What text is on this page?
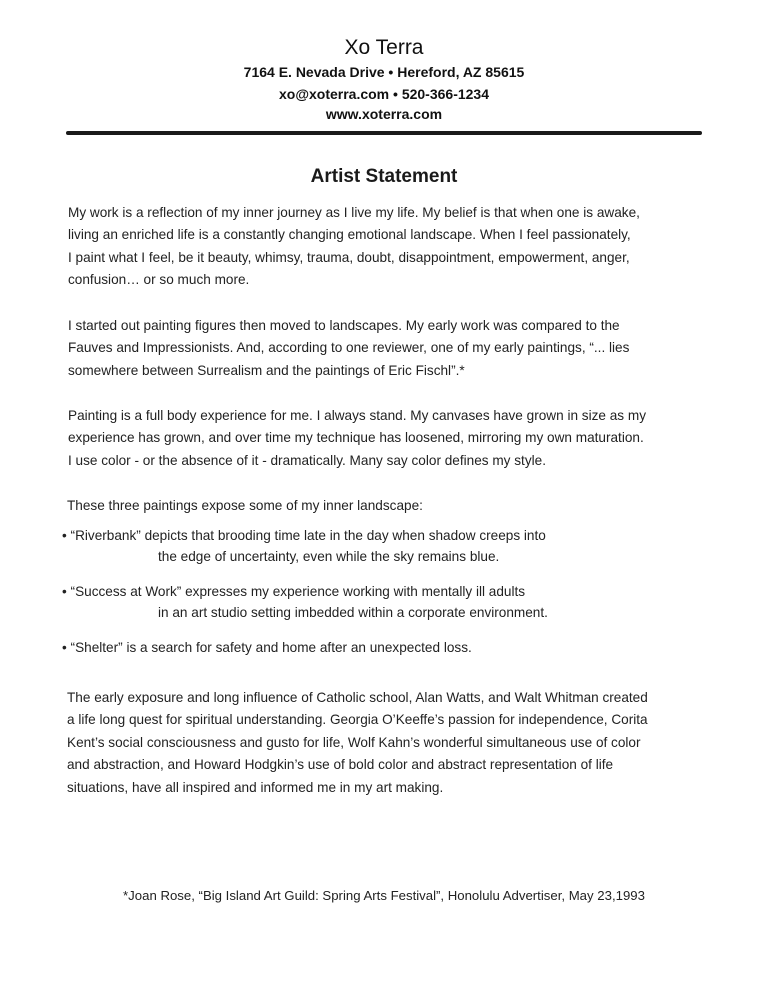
Xo Terra
7164 E. Nevada Drive • Hereford, AZ 85615
xo@xoterra.com • 520-366-1234
www.xoterra.com
Artist Statement
My work is a reflection of my inner journey as I live my life. My belief is that when one is awake,
living an enriched life is a constantly changing emotional landscape. When I feel passionately,
I paint what I feel, be it beauty, whimsy, trauma, doubt, disappointment, empowerment, anger,
confusion… or so much more.
I started out painting figures then moved to landscapes. My early work was compared to the
Fauves and Impressionists. And, according to one reviewer, one of my early paintings, “... lies
somewhere between Surrealism and the paintings of Eric Fischl”.*
Painting is a full body experience for me. I always stand. My canvases have grown in size as my
experience has grown, and over time my technique has loosened, mirroring my own maturation.
I use color - or the absence of it - dramatically. Many say color defines my style.
These three paintings expose some of my inner landscape:
• “Riverbank” depicts that brooding time late in the day when shadow creeps into
the edge of uncertainty, even while the sky remains blue.
• “Success at Work” expresses my experience working with mentally ill adults
in an art studio setting imbedded within a corporate environment.
• “Shelter” is a search for safety and home after an unexpected loss.
The early exposure and long influence of Catholic school, Alan Watts, and Walt Whitman created
a life long quest for spiritual understanding. Georgia O’Keeffe’s passion for independence, Corita
Kent’s social consciousness and gusto for life, Wolf Kahn’s wonderful simultaneous use of color
and abstraction, and Howard Hodgkin’s use of bold color and abstract representation of life
situations, have all inspired and informed me in my art making.
*Joan Rose, “Big Island Art Guild: Spring Arts Festival”, Honolulu Advertiser, May 23,1993
